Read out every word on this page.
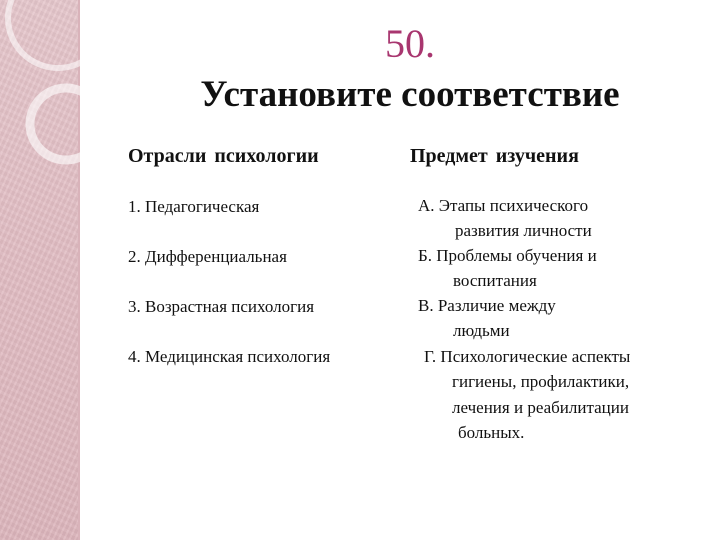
50.
Установите соответствие
Отрасли психологии	Предмет изучения
1. Педагогическая
2. Дифференциальная
3. Возрастная психология
4. Медицинская психология
А. Этапы психического
развития личности
Б. Проблемы обучения и
воспитания
В. Различие между
людьми
Г. Психологические аспекты
гигиены, профилактики,
лечения и реабилитации
больных.
